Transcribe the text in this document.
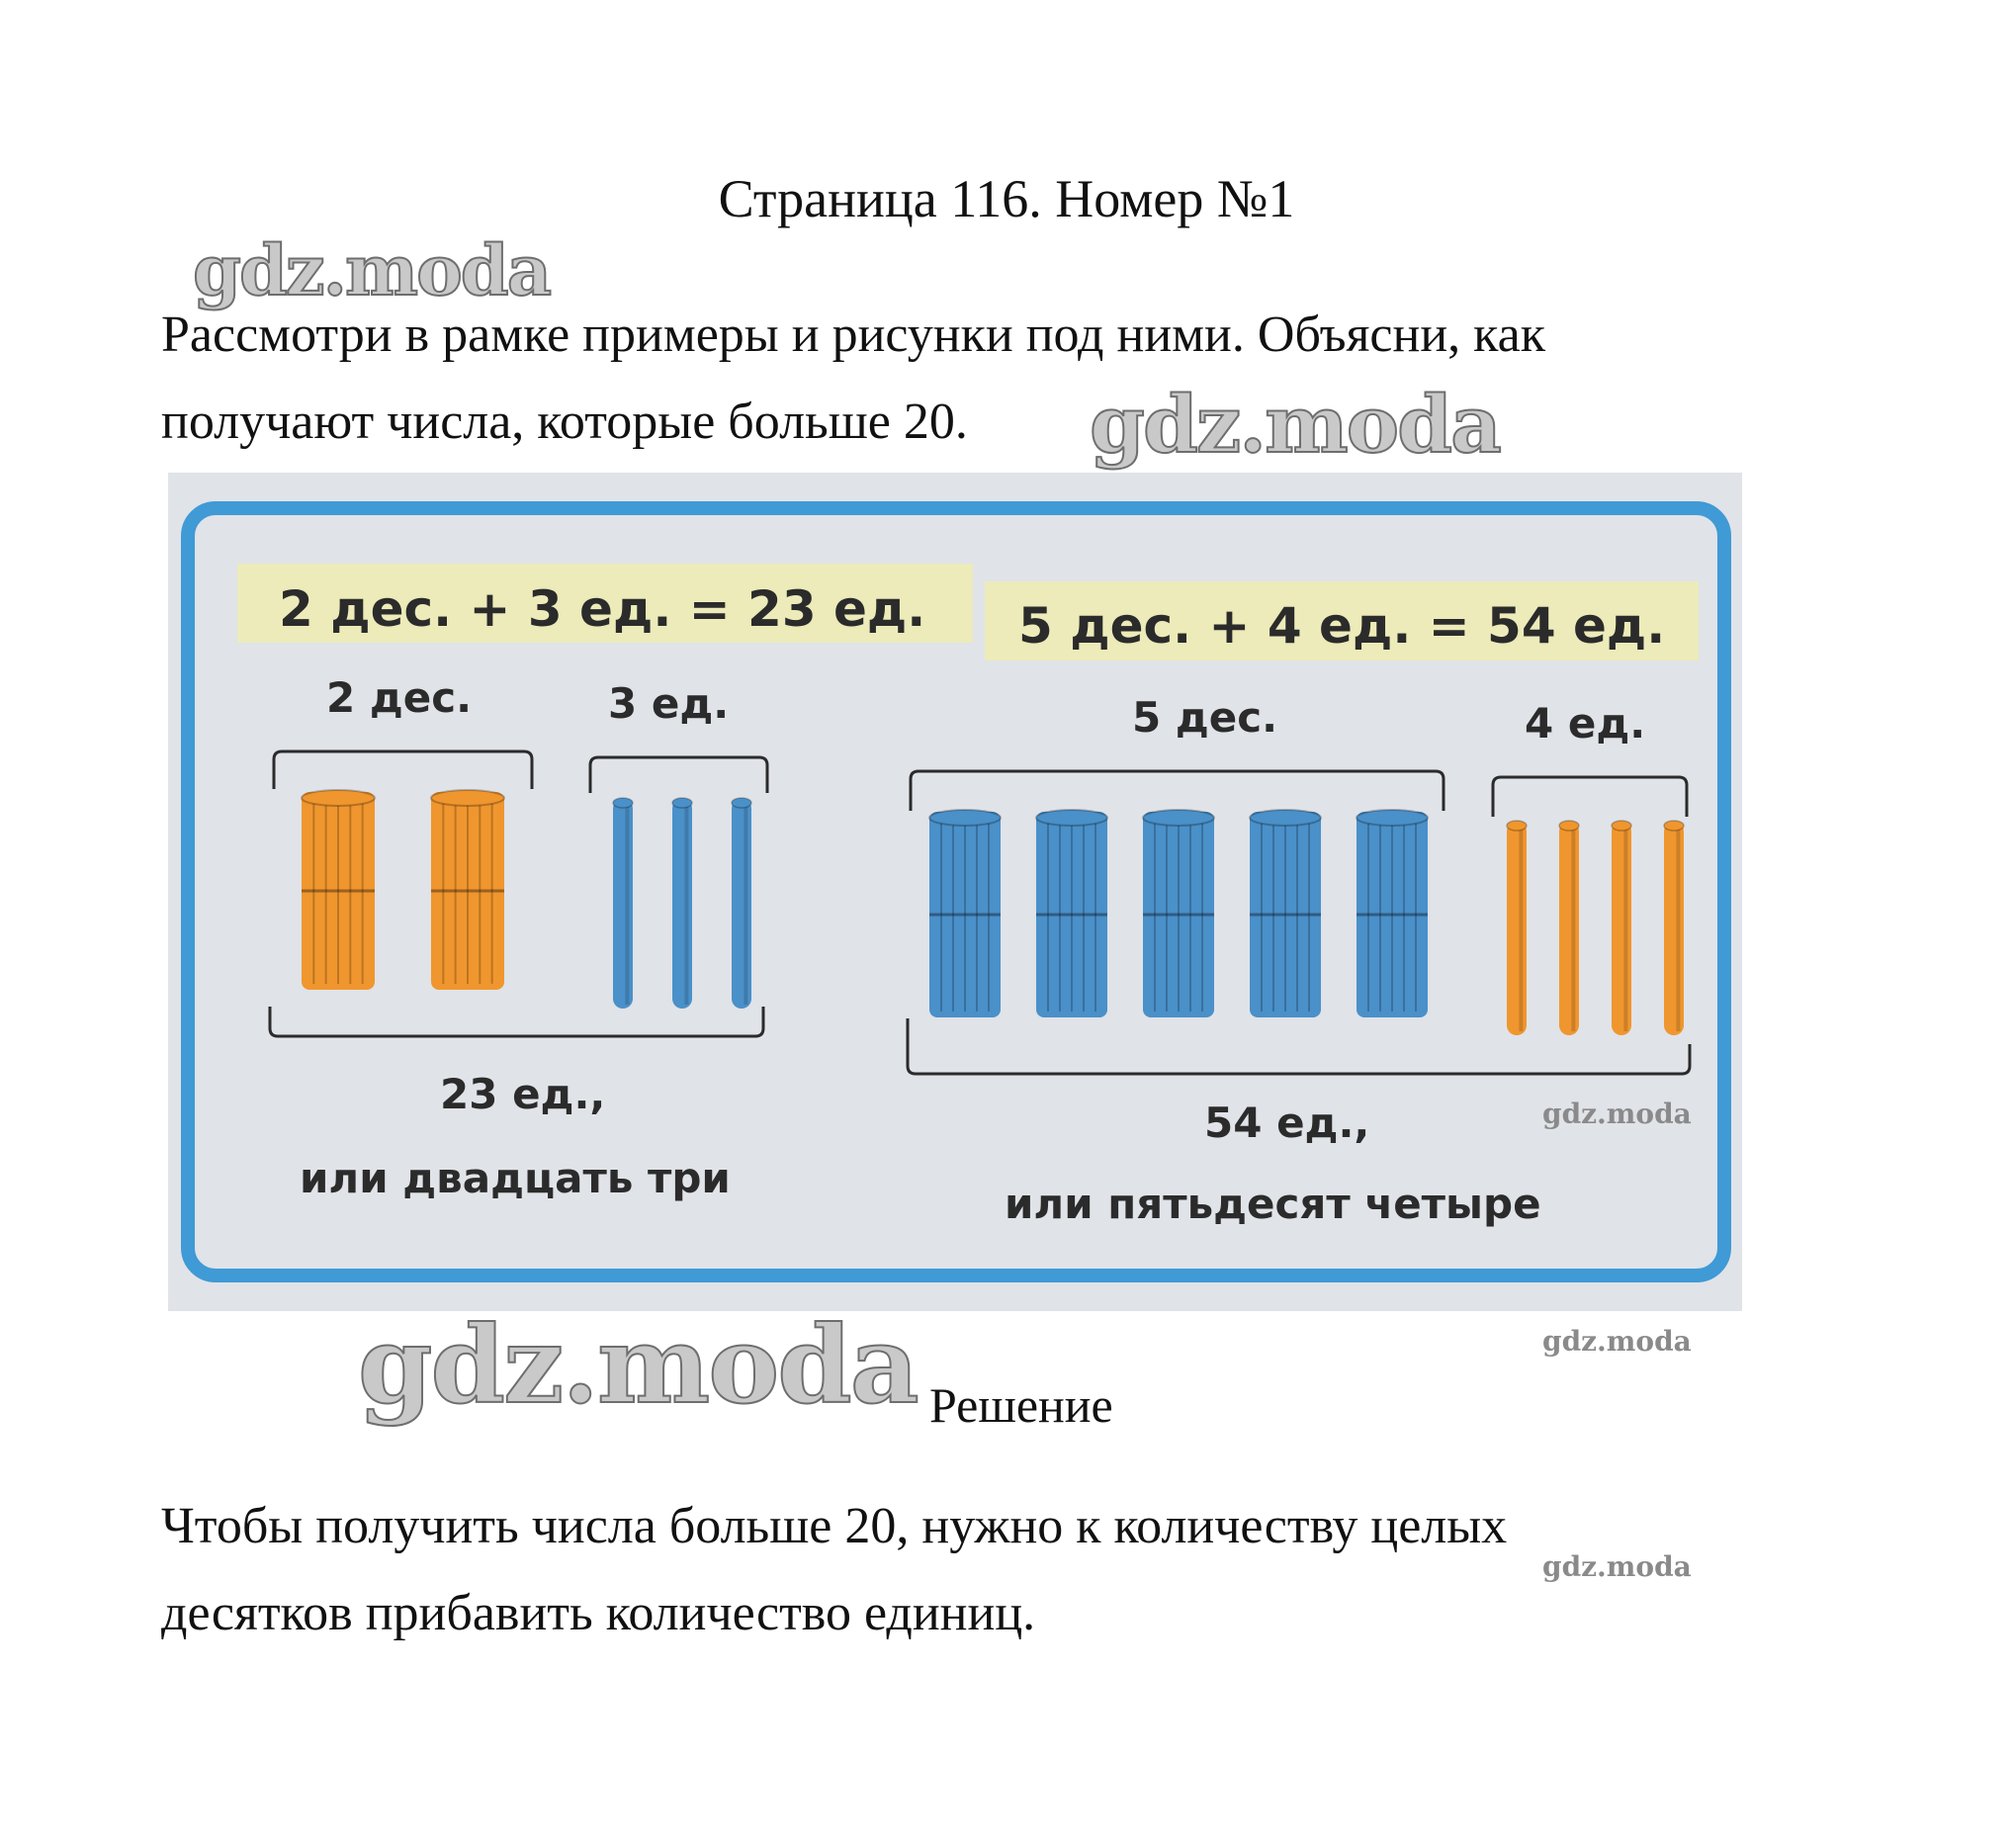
Страница 116. Номер №1
gdz.moda
Рассмотри в рамке примеры и рисунки под ними. Объясни, как
получают числа, которые больше 20.	gdz.moda
2 дес. + 3 ед. = 23 ед. 5 дес. + 4 ед. = 54 ед.
2 дес.	3 ед.	5 дес.	4 ед.
23 ед.,
или двадцать три
54 ед.,
или пятьдесят четыре
gdz.moda
gdz.moda
gdz.moda Решение
Чтобы получить числа больше 20, нужно к количеству целых
десятков прибавить количество единиц.
gdz.moda
